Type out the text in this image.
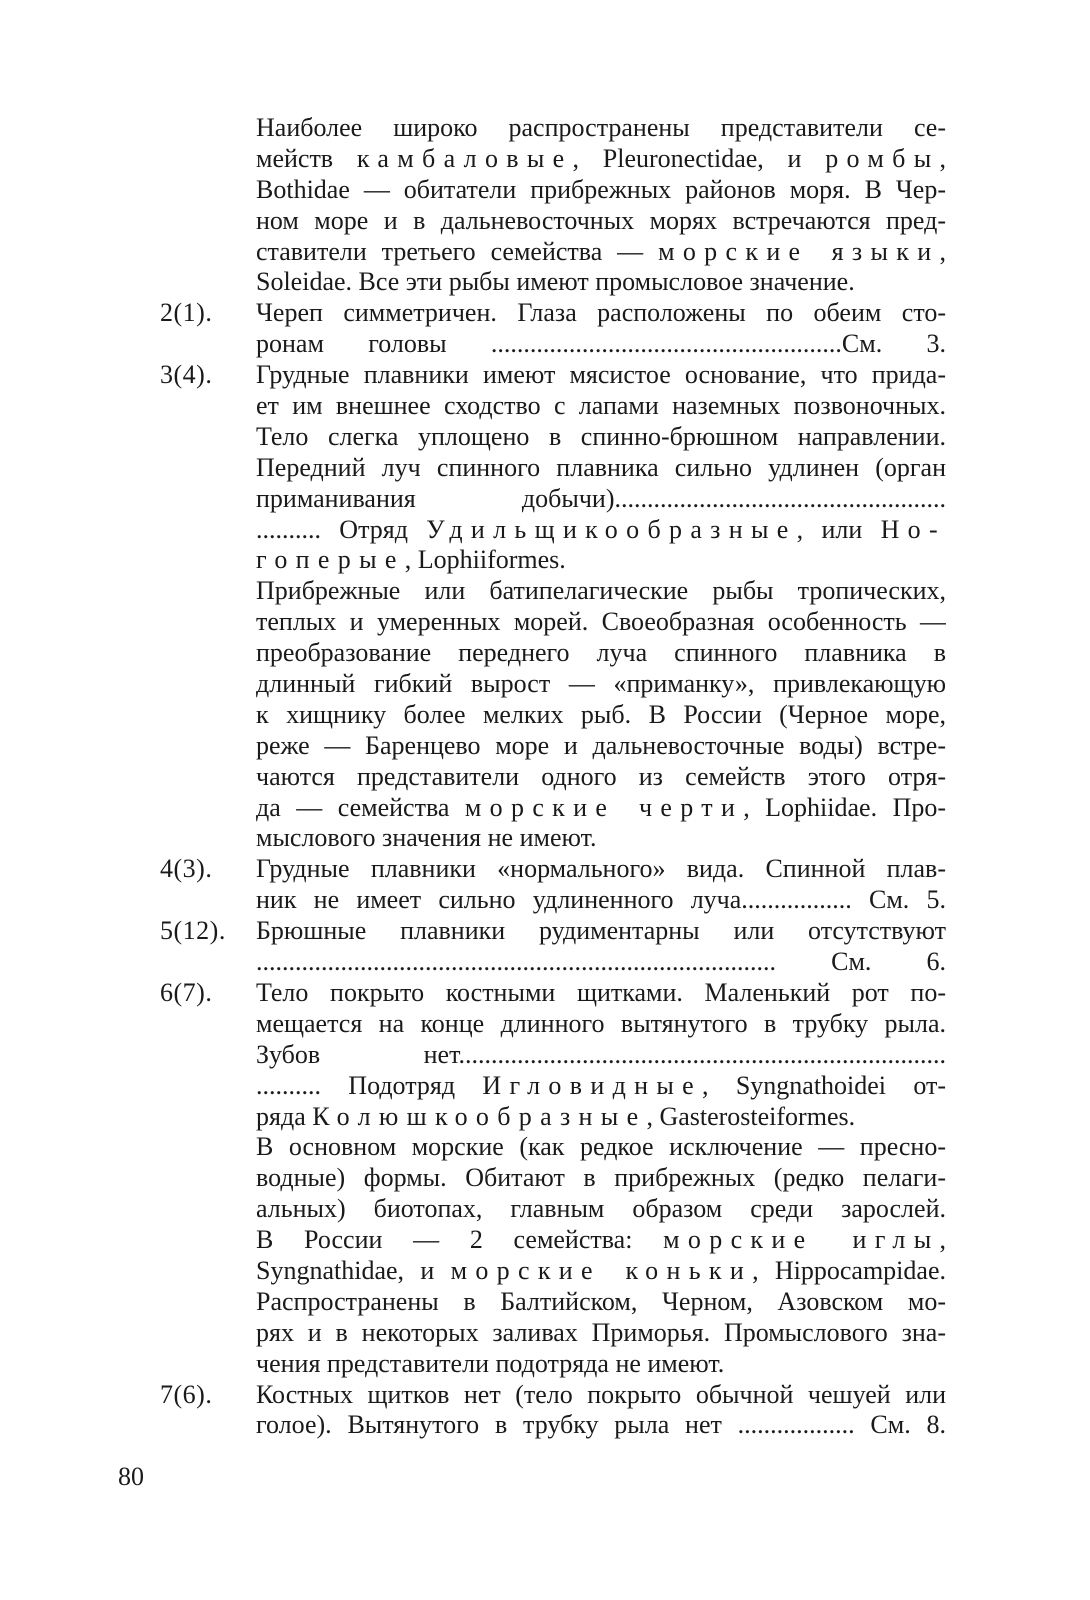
Наиболее широко распространены представители се-
мейств камбаловые, Pleuronectidae, и ромбы,
Bothidae — обитатели прибрежных районов моря. В Чер-
ном море и в дальневосточных морях встречаются пред-
ставители третьего семейства — морские языки,
Soleidae. Все эти рыбы имеют промысловое значение.
2(1).	Череп симметричен. Глаза расположены по обеим сто-
ронам головы ......................................................См. 3.
3(4).	Грудные плавники имеют мясистое основание, что прида-
ет им внешнее сходство с лапами наземных позвоночных.
Тело слегка уплощено в спинно-брюшном направлении.
Передний луч спинного плавника сильно удлинен (орган
приманивания добычи)...................................................
.......... Отряд Удильщикообразные, или Но-
гоперые, Lophiiformes.
Прибрежные или батипелагические рыбы тропических,
теплых и умеренных морей. Своеобразная особенность —
преобразование переднего луча спинного плавника в
длинный гибкий вырост — «приманку», привлекающую
к хищнику более мелких рыб. В России (Черное море,
реже — Баренцево море и дальневосточные воды) встре-
чаются представители одного из семейств этого отря-
да — семейства морские черти, Lophiidae. Про-
мыслового значения не имеют.
4(3).	Грудные плавники «нормального» вида. Спинной плав-
ник не имеет сильно удлиненного луча................. См. 5.
5(12).	Брюшные плавники рудиментарны или отсутствуют
................................................................................ См. 6.
6(7).	Тело покрыто костными щитками. Маленький рот по-
мещается на конце длинного вытянутого в трубку рыла.
Зубов нет...........................................................................
.......... Подотряд Игловидные, Syngnathoidei от-
ряда Колюшкообразные, Gasterosteiformes.
В основном морские (как редкое исключение — пресно-
водные) формы. Обитают в прибрежных (редко пелаги-
альных) биотопах, главным образом среди зарослей.
В России — 2 семейства: морские иглы,
Syngnathidae, и морские коньки, Hippocampidae.
Распространены в Балтийском, Черном, Азовском мо-
рях и в некоторых заливах Приморья. Промыслового зна-
чения представители подотряда не имеют.
7(6).	Костных щитков нет (тело покрыто обычной чешуей или
голое). Вытянутого в трубку рыла нет .................. См. 8.
80
